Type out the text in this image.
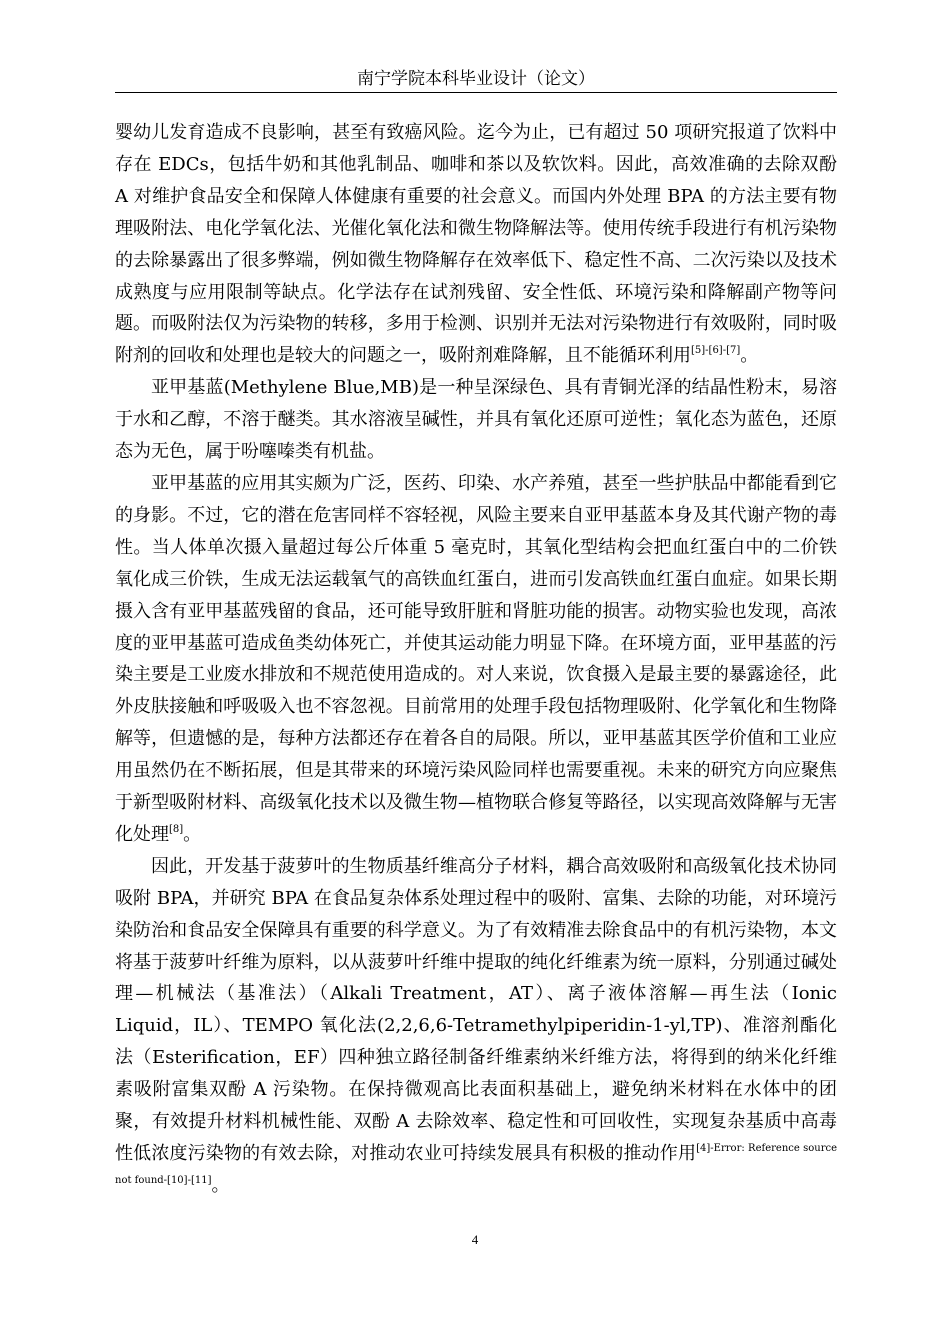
南宁学院本科毕业设计（论文）

婴幼儿发育造成不良影响，甚至有致癌风险。迄今为止，已有超过 50 项研究报道了饮料中存在 EDCs，包括牛奶和其他乳制品、咖啡和茶以及软饮料。因此，高效准确的去除双酚 A 对维护食品安全和保障人体健康有重要的社会意义。而国内外处理 BPA 的方法主要有物理吸附法、电化学氧化法、光催化氧化法和微生物降解法等。使用传统手段进行有机污染物的去除暴露出了很多弊端，例如微生物降解存在效率低下、稳定性不高、二次污染以及技术成熟度与应用限制等缺点。化学法存在试剂残留、安全性低、环境污染和降解副产物等问题。而吸附法仅为污染物的转移，多用于检测、识别并无法对污染物进行有效吸附，同时吸附剂的回收和处理也是较大的问题之一，吸附剂难降解，且不能循环利用[5]-[6]-[7]。

亚甲基蓝(Methylene Blue,MB)是一种呈深绿色、具有青铜光泽的结晶性粉末，易溶于水和乙醇，不溶于醚类。其水溶液呈碱性，并具有氧化还原可逆性；氧化态为蓝色，还原态为无色，属于吩噻嗪类有机盐。

亚甲基蓝的应用其实颇为广泛，医药、印染、水产养殖，甚至一些护肤品中都能看到它的身影。不过，它的潜在危害同样不容轻视，风险主要来自亚甲基蓝本身及其代谢产物的毒性。当人体单次摄入量超过每公斤体重 5 毫克时，其氧化型结构会把血红蛋白中的二价铁氧化成三价铁，生成无法运载氧气的高铁血红蛋白，进而引发高铁血红蛋白血症。如果长期摄入含有亚甲基蓝残留的食品，还可能导致肝脏和肾脏功能的损害。动物实验也发现，高浓度的亚甲基蓝可造成鱼类幼体死亡，并使其运动能力明显下降。在环境方面，亚甲基蓝的污染主要是工业废水排放和不规范使用造成的。对人来说，饮食摄入是最主要的暴露途径，此外皮肤接触和呼吸吸入也不容忽视。目前常用的处理手段包括物理吸附、化学氧化和生物降解等，但遗憾的是，每种方法都还存在着各自的局限。所以，亚甲基蓝其医学价值和工业应用虽然仍在不断拓展，但是其带来的环境污染风险同样也需要重视。未来的研究方向应聚焦于新型吸附材料、高级氧化技术以及微生物—植物联合修复等路径，以实现高效降解与无害化处理[8]。

因此，开发基于菠萝叶的生物质基纤维高分子材料，耦合高效吸附和高级氧化技术协同吸附 BPA，并研究 BPA 在食品复杂体系处理过程中的吸附、富集、去除的功能，对环境污染防治和食品安全保障具有重要的科学意义。为了有效精准去除食品中的有机污染物，本文将基于菠萝叶纤维为原料，以从菠萝叶纤维中提取的纯化纤维素为统一原料，分别通过碱处理—机械法（基准法）（Alkali Treatment，AT）、离子液体溶解—再生法（Ionic Liquid，IL）、TEMPO 氧化法(2,2,6,6-Tetramethylpiperidin-1-yl,TP)、准溶剂酯化法（Esterification，EF）四种独立路径制备纤维素纳米纤维方法，将得到的纳米化纤维素吸附富集双酚 A 污染物。在保持微观高比表面积基础上，避免纳米材料在水体中的团聚，有效提升材料机械性能、双酚 A 去除效率、稳定性和可回收性，实现复杂基质中高毒性低浓度污染物的有效去除，对推动农业可持续发展具有积极的推动作用[4]-Error: Reference source not found-[10]-[11]。

4
